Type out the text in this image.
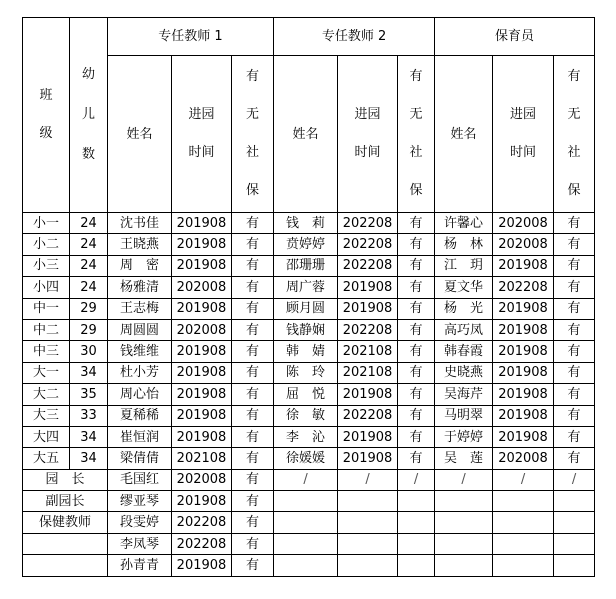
班级	幼儿数	专任教师 1			专任教师 2			保育员		
		姓名	进园时间	有无社保	姓名	进园时间	有无社保	姓名	进园时间	有无社保

小一	24	沈书佳	201908	有	钱　莉	202208	有	许馨心	202008	有
小二	24	王晓燕	201908	有	贲婷婷	202208	有	杨　林	202008	有
小三	24	周　密	201908	有	邵珊珊	202208	有	江　玥	201908	有
小四	24	杨雅清	202008	有	周广蓉	201908	有	夏文华	202208	有
中一	29	王志梅	201908	有	顾月圆	201908	有	杨　光	201908	有
中二	29	周圆圆	202008	有	钱静娴	202208	有	高巧凤	201908	有
中三	30	钱维维	201908	有	韩　婧	202108	有	韩春霞	201908	有
大一	34	杜小芳	201908	有	陈　玲	202108	有	史晓燕	201908	有
大二	35	周心怡	201908	有	屈　悦	201908	有	吴海芹	201908	有
大三	33	夏稀稀	201908	有	徐　敏	202208	有	马明翠	201908	有
大四	34	崔恒润	201908	有	李　沁	201908	有	于婷婷	201908	有
大五	34	梁倩倩	202108	有	徐媛媛	201908	有	吴　莲	202008	有
园　长		毛国红	202008	有	/	/	/	/	/	/
副园长		缪亚琴	201908	有						
保健教师		段雯婷	202208	有						
		李凤琴	202208	有						
		孙青青	201908	有						
